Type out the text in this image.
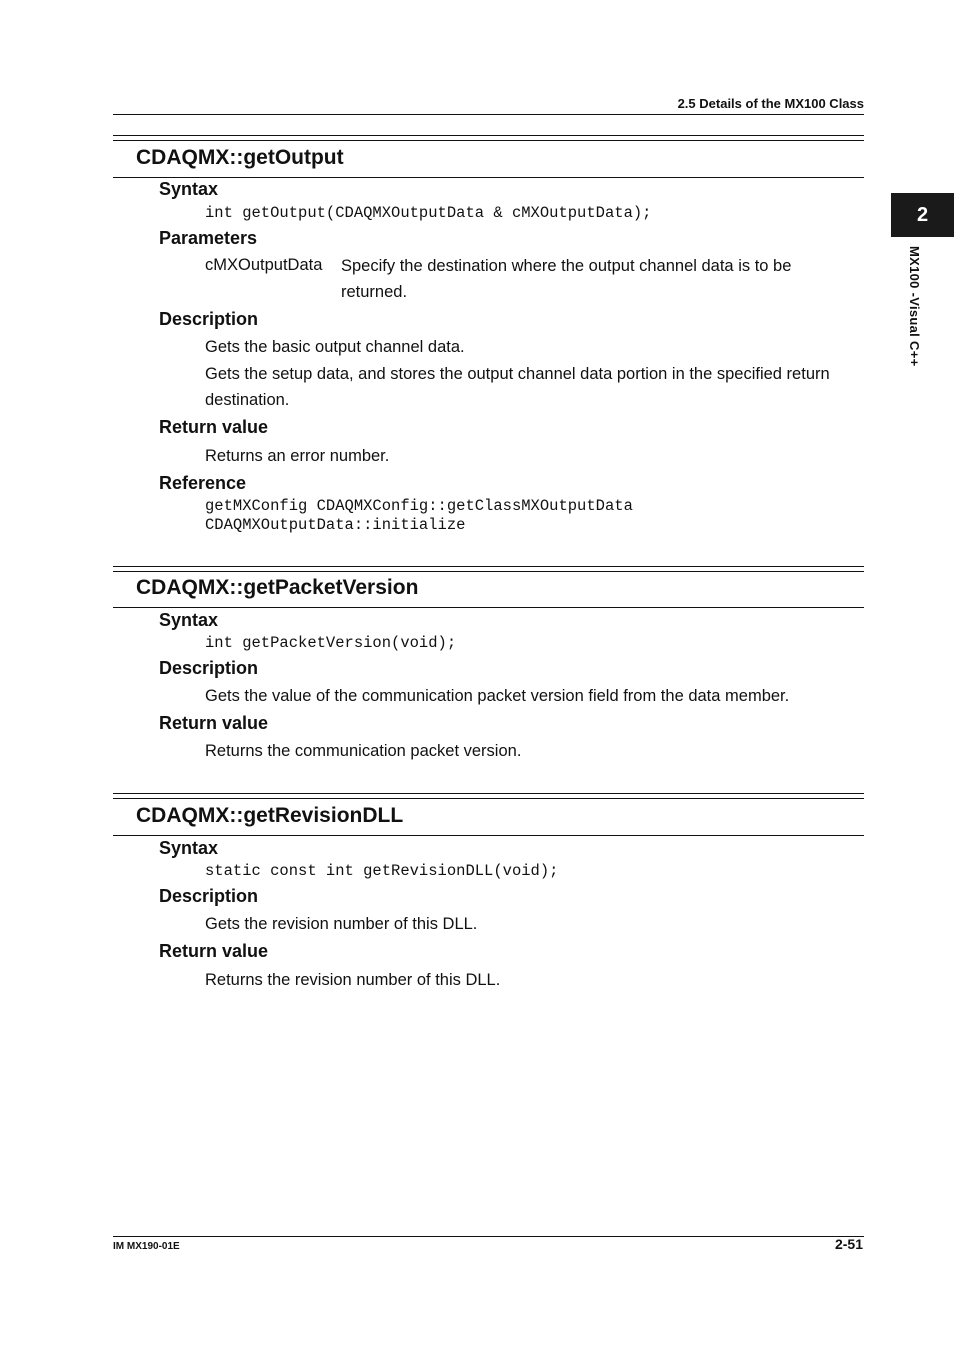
2.5 Details of the MX100 Class
2
MX100 -Visual C++
CDAQMX::getOutput
Syntax
int getOutput(CDAQMXOutputData & cMXOutputData);
Parameters
cMXOutputData Specify the destination where the output channel data is to be returned.
Description
Gets the basic output channel data.
Gets the setup data, and stores the output channel data portion in the specified return destination.
Return value
Returns an error number.
Reference
getMXConfig CDAQMXConfig::getClassMXOutputData
CDAQMXOutputData::initialize
CDAQMX::getPacketVersion
Syntax
int getPacketVersion(void);
Description
Gets the value of the communication packet version field from the data member.
Return value
Returns the communication packet version.
CDAQMX::getRevisionDLL
Syntax
static const int getRevisionDLL(void);
Description
Gets the revision number of this DLL.
Return value
Returns the revision number of this DLL.
IM MX190-01E	2-51
